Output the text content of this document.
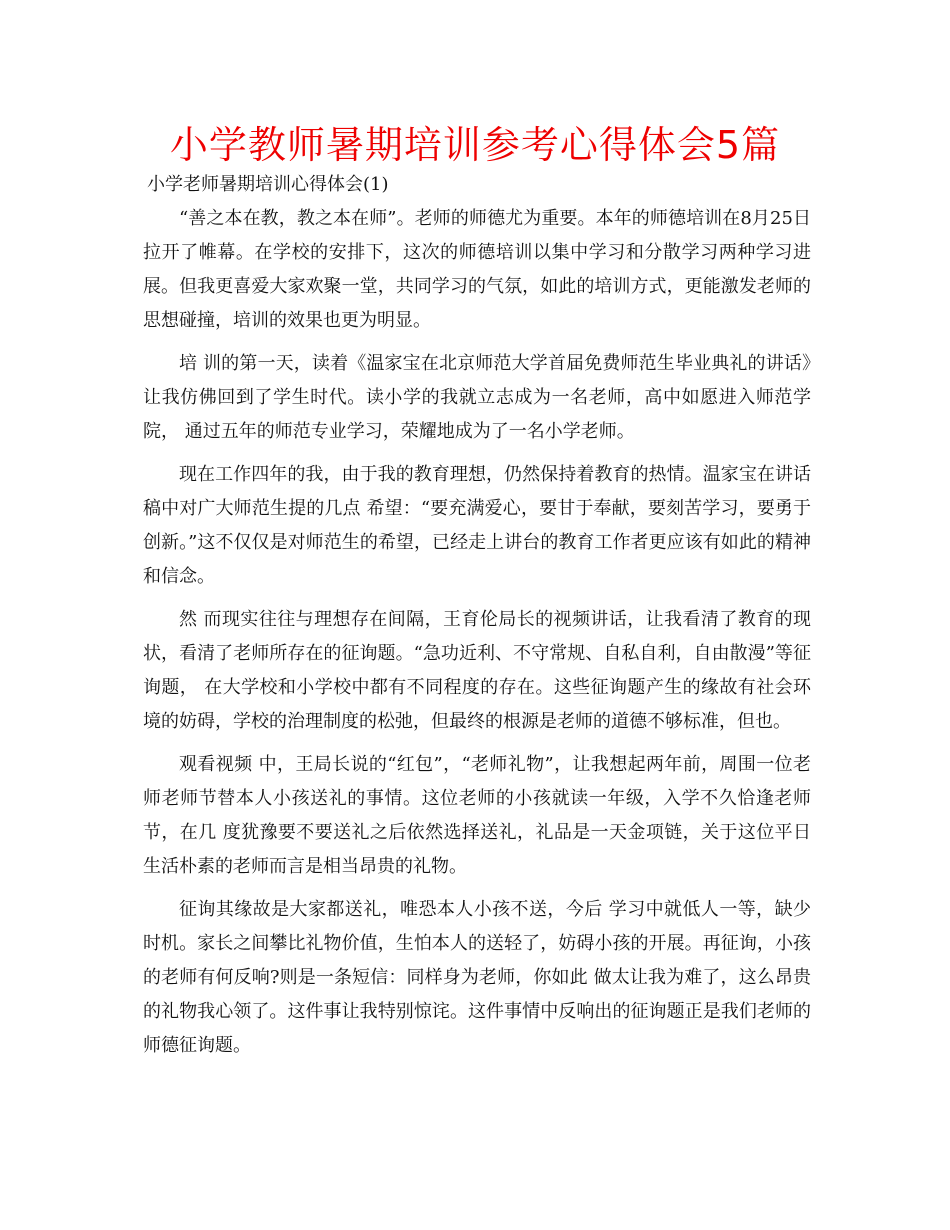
小学教师暑期培训参考心得体会5篇
小学老师暑期培训心得体会(1)

“善之本在教，教之本在师”。老师的师德尤为重要。本年的师德培训在8月25日拉开了帷幕。在学校的安排下，这次的师德培训以集中学习和分散学习两种学习进展。但我更喜爱大家欢聚一堂，共同学习的气氛，如此的培训方式，更能激发老师的思想碰撞，培训的效果也更为明显。

培 训的第一天，读着《温家宝在北京师范大学首届免费师范生毕业典礼的讲话》让我仿佛回到了学生时代。读小学的我就立志成为一名老师，高中如愿进入师范学院， 通过五年的师范专业学习，荣耀地成为了一名小学老师。

现在工作四年的我，由于我的教育理想，仍然保持着教育的热情。温家宝在讲话稿中对广大师范生提的几点 希望：“要充满爱心，要甘于奉献，要刻苦学习，要勇于创新。”这不仅仅是对师范生的希望，已经走上讲台的教育工作者更应该有如此的精神和信念。

然 而现实往往与理想存在间隔，王育伦局长的视频讲话，让我看清了教育的现状，看清了老师所存在的征询题。“急功近利、不守常规、自私自利，自由散漫”等征询题， 在大学校和小学校中都有不同程度的存在。这些征询题产生的缘故有社会环境的妨碍，学校的治理制度的松弛，但最终的根源是老师的道德不够标准，但也。

观看视频 中，王局长说的“红包”，“老师礼物”，让我想起两年前，周围一位老师老师节替本人小孩送礼的事情。这位老师的小孩就读一年级，入学不久恰逢老师节，在几 度犹豫要不要送礼之后依然选择送礼，礼品是一天金项链，关于这位平日生活朴素的老师而言是相当昂贵的礼物。

征询其缘故是大家都送礼，唯恐本人小孩不送，今后 学习中就低人一等，缺少时机。家长之间攀比礼物价值，生怕本人的送轻了，妨碍小孩的开展。再征询，小孩的老师有何反响?则是一条短信：同样身为老师，你如此 做太让我为难了，这么昂贵的礼物我心领了。这件事让我特别惊诧。这件事情中反响出的征询题正是我们老师的师德征询题。
